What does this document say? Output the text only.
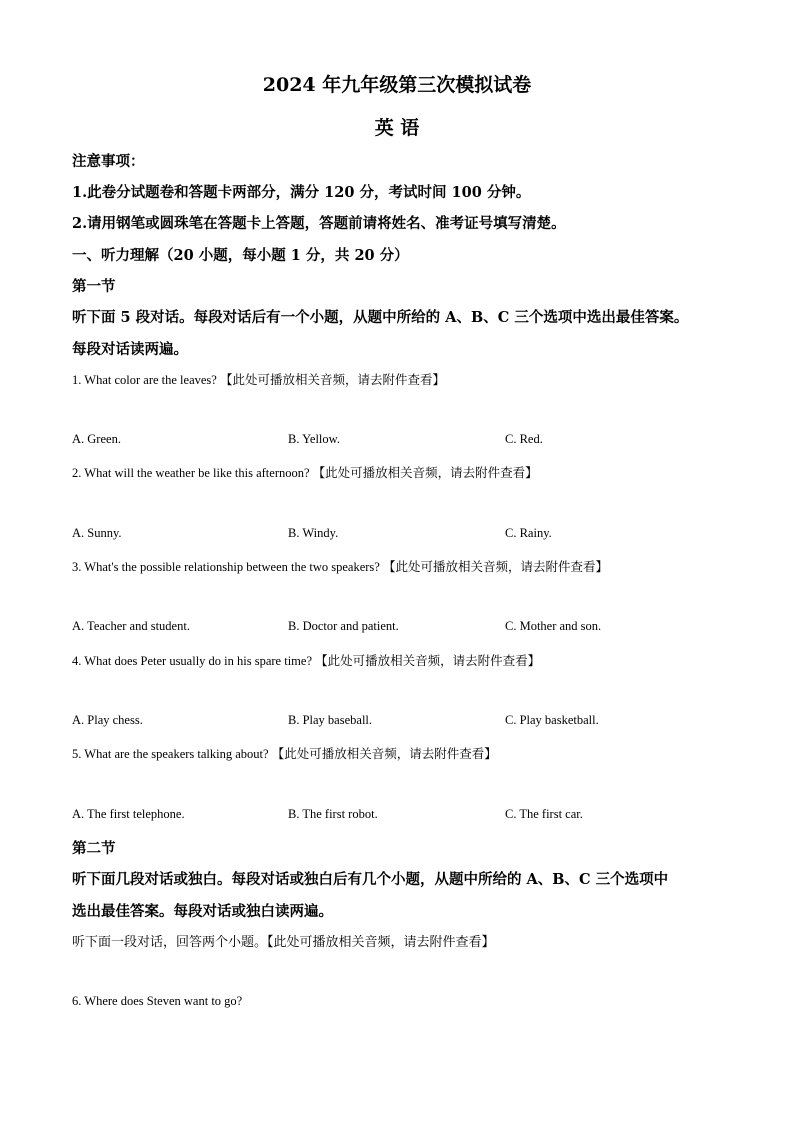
2024 年九年级第三次模拟试卷
英 语
注意事项：
1.此卷分试题卷和答题卡两部分，满分 120 分，考试时间 100 分钟。
2.请用钢笔或圆珠笔在答题卡上答题，答题前请将姓名、准考证号填写清楚。
一、听力理解（20 小题，每小题 1 分，共 20 分）
第一节
听下面 5 段对话。每段对话后有一个小题，从题中所给的 A、B、C 三个选项中选出最佳答案。
每段对话读两遍。
1. What color are the leaves? 【此处可播放相关音频，请去附件查看】
A. Green.	B. Yellow.	C. Red.
2. What will the weather be like this afternoon? 【此处可播放相关音频，请去附件查看】
A. Sunny.	B. Windy.	C. Rainy.
3. What's the possible relationship between the two speakers? 【此处可播放相关音频，请去附件查看】
A. Teacher and student.	B. Doctor and patient.	C. Mother and son.
4. What does Peter usually do in his spare time? 【此处可播放相关音频，请去附件查看】
A. Play chess.	B. Play baseball.	C. Play basketball.
5. What are the speakers talking about? 【此处可播放相关音频，请去附件查看】
A. The first telephone.	B. The first robot.	C. The first car.
第二节
听下面几段对话或独白。每段对话或独白后有几个小题，从题中所给的 A、B、C 三个选项中
选出最佳答案。每段对话或独白读两遍。
听下面一段对话，回答两个小题。【此处可播放相关音频，请去附件查看】
6. Where does Steven want to go?
